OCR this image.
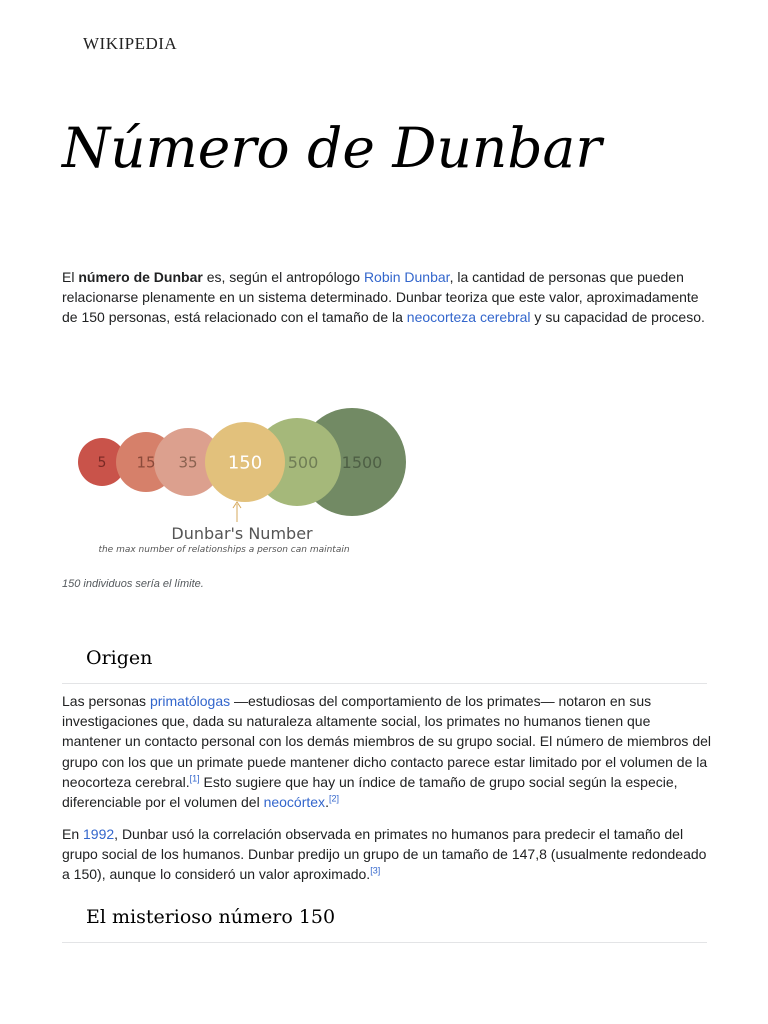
WIKIPEDIA
Número de Dunbar

El número de Dunbar es, según el antropólogo Robin Dunbar, la cantidad de personas que pueden relacionarse plenamente en un sistema determinado. Dunbar teoriza que este valor, aproximadamente de 150 personas, está relacionado con el tamaño de la neocorteza cerebral y su capacidad de proceso.

5 15 35 150 500 1500
Dunbar's Number
the max number of relationships a person can maintain
150 individuos sería el límite.
Origen

Las personas primatólogas —estudiosas del comportamiento de los primates— notaron en sus investigaciones que, dada su naturaleza altamente social, los primates no humanos tienen que mantener un contacto personal con los demás miembros de su grupo social. El número de miembros del grupo con los que un primate puede mantener dicho contacto parece estar limitado por el volumen de la neocorteza cerebral.[1] Esto sugiere que hay un índice de tamaño de grupo social según la especie, diferenciable por el volumen del neocórtex.[2]

En 1992, Dunbar usó la correlación observada en primates no humanos para predecir el tamaño del grupo social de los humanos. Dunbar predijo un grupo de un tamaño de 147,8 (usualmente redondeado a 150), aunque lo consideró un valor aproximado.[3]

El misterioso número 150
